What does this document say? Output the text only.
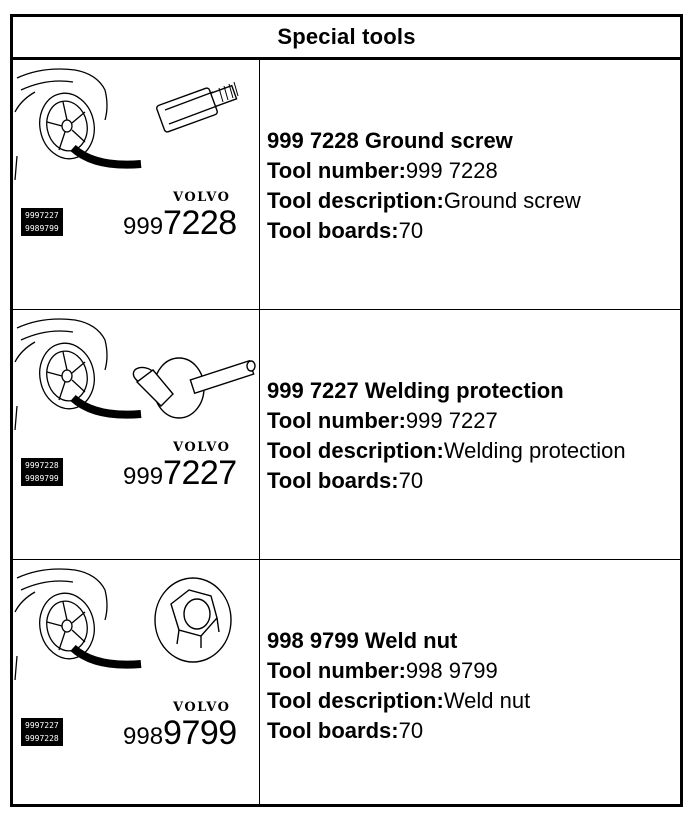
Special tools
VOLVO
9997228
9997227
9989799
999 7228 Ground screw
Tool number:999 7228
Tool description:Ground screw
Tool boards:70
VOLVO
9997227
9997228
9989799
999 7227 Welding protection
Tool number:999 7227
Tool description:Welding protection
Tool boards:70
VOLVO
9989799
9997227
9997228
998 9799 Weld nut
Tool number:998 9799
Tool description:Weld nut
Tool boards:70
